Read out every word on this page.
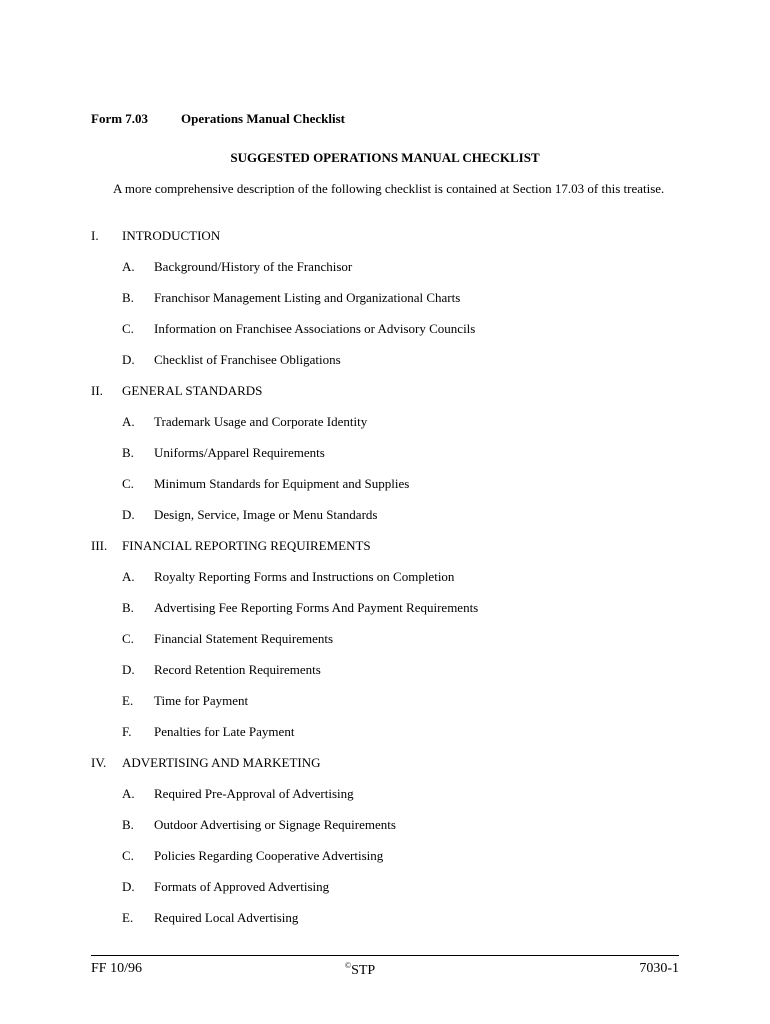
Form 7.03	Operations Manual Checklist
SUGGESTED OPERATIONS MANUAL CHECKLIST
A more comprehensive description of the following checklist is contained at Section 17.03 of this treatise.
I. INTRODUCTION
A. Background/History of the Franchisor
B. Franchisor Management Listing and Organizational Charts
C. Information on Franchisee Associations or Advisory Councils
D. Checklist of Franchisee Obligations
II. GENERAL STANDARDS
A. Trademark Usage and Corporate Identity
B. Uniforms/Apparel Requirements
C. Minimum Standards for Equipment and Supplies
D. Design, Service, Image or Menu Standards
III. FINANCIAL REPORTING REQUIREMENTS
A. Royalty Reporting Forms and Instructions on Completion
B. Advertising Fee Reporting Forms And Payment Requirements
C. Financial Statement Requirements
D. Record Retention Requirements
E. Time for Payment
F. Penalties for Late Payment
IV. ADVERTISING AND MARKETING
A. Required Pre-Approval of Advertising
B. Outdoor Advertising or Signage Requirements
C. Policies Regarding Cooperative Advertising
D. Formats of Approved Advertising
E. Required Local Advertising
FF 10/96	©STP	7030-1
